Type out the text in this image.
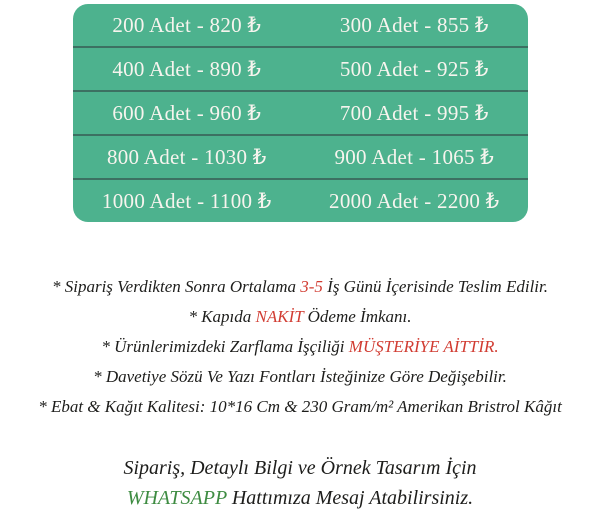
200 Adet - 820 ₺	300 Adet - 855 ₺
400 Adet - 890 ₺	500 Adet - 925 ₺
600 Adet - 960 ₺	700 Adet - 995 ₺
800 Adet - 1030 ₺	900 Adet - 1065 ₺
1000 Adet - 1100 ₺	2000 Adet - 2200 ₺
* Sipariş Verdikten Sonra Ortalama 3-5 İş Günü İçerisinde Teslim Edilir.
* Kapıda NAKİT Ödeme İmkanı.
* Ürünlerimizdeki Zarflama İşçiliği MÜŞTERİYE AİTTİR.
* Davetiye Sözü Ve Yazı Fontları İsteğinize Göre Değişebilir.
* Ebat & Kağıt Kalitesi: 10*16 Cm & 230 Gram/m² Amerikan Bristrol Kâğıt
Sipariş, Detaylı Bilgi ve Örnek Tasarım İçin
WHATSAPP Hattımıza Mesaj Atabilirsiniz.
